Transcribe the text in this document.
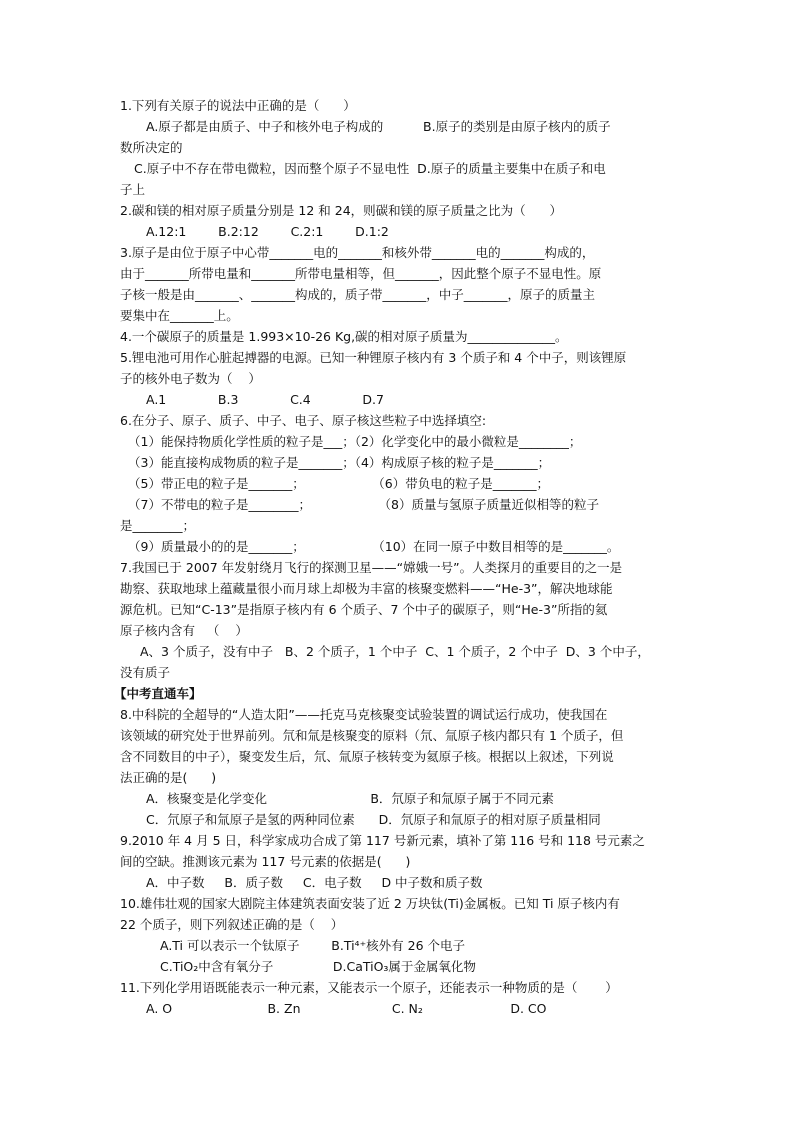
1.下列有关原子的说法中正确的是（      ）
A.原子都是由质子、中子和核外电子构成的          B.原子的类别是由原子核内的质子
数所决定的
C.原子中不存在带电微粒，因而整个原子不显电性  D.原子的质量主要集中在质子和电
子上
2.碳和镁的相对原子质量分别是 12 和 24，则碳和镁的原子质量之比为（      ）
A.12:1        B.2:12        C.2:1        D.1:2
3.原子是由位于原子中心带_______电的_______和核外带_______电的_______构成的，
由于_______所带电量和_______所带电量相等，但_______，因此整个原子不显电性。原
子核一般是由_______、_______构成的，质子带_______，中子_______，原子的质量主
要集中在_______上。
4.一个碳原子的质量是 1.993×10-26 Kg,碳的相对原子质量为______________。
5.锂电池可用作心脏起搏器的电源。已知一种锂原子核内有 3 个质子和 4 个中子，则该锂原
子的核外电子数为（    ）
A.1             B.3             C.4             D.7
6.在分子、原子、质子、中子、电子、原子核这些粒子中选择填空:
（1）能保持物质化学性质的粒子是___；（2）化学变化中的最小微粒是________；
（3）能直接构成物质的粒子是_______；（4）构成原子核的粒子是_______；
（5）带正电的粒子是_______；                 （6）带负电的粒子是_______；
（7）不带电的粒子是________；                 （8）质量与氢原子质量近似相等的粒子
是________；
（9）质量最小的的是_______；                 （10）在同一原子中数目相等的是_______。
7.我国已于 2007 年发射绕月飞行的探测卫星——“嫦娥一号”。人类探月的重要目的之一是
勘察、获取地球上蕴藏量很小而月球上却极为丰富的核聚变燃料——“He-3”，解决地球能
源危机。已知“C-13”是指原子核内有 6 个质子、7 个中子的碳原子，则“He-3”所指的氦
原子核内含有   （    ）
A、3 个质子，没有中子   B、2 个质子，1 个中子  C、1 个质子，2 个中子  D、3 个中子，
没有质子
【中考直通车】
8.中科院的全超导的“人造太阳”——托克马克核聚变试验装置的调试运行成功，使我国在
该领域的研究处于世界前列。氘和氚是核聚变的原料（氘、氚原子核内都只有 1 个质子，但
含不同数目的中子），聚变发生后，氘、氚原子核转变为氦原子核。根据以上叙述，下列说
法正确的是(      )
A．核聚变是化学变化                          B．氘原子和氚原子属于不同元素
C．氘原子和氚原子是氢的两种同位素      D．氘原子和氚原子的相对原子质量相同
9.2010 年 4 月 5 日，科学家成功合成了第 117 号新元素，填补了第 116 号和 118 号元素之
间的空缺。推测该元素为 117 号元素的依据是(      )
A．中子数     B．质子数     C．电子数     D 中子数和质子数
10.雄伟壮观的国家大剧院主体建筑表面安装了近 2 万块钛(Ti)金属板。已知 Ti 原子核内有
22 个质子，则下列叙述正确的是（    ）
A.Ti 可以表示一个钛原子        B.Ti⁴⁺核外有 26 个电子
C.TiO₂中含有氧分子               D.CaTiO₃属于金属氧化物
11.下列化学用语既能表示一种元素，又能表示一个原子，还能表示一种物质的是（       ）
A. O                        B. Zn                       C. N₂                      D. CO
